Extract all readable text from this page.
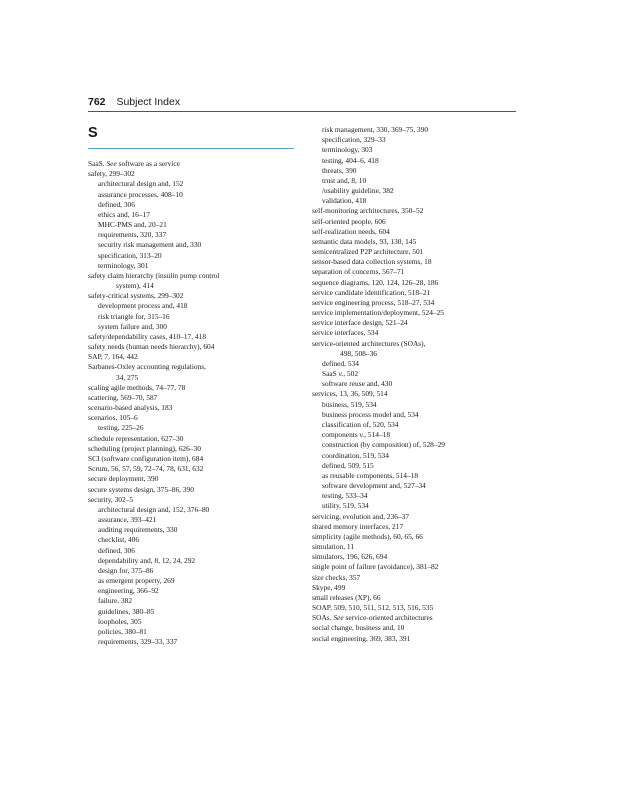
762 Subject Index
S
SaaS. See software as a service
safety, 299–302
architectural design and, 152
assurance processes, 408–10
defined, 306
ethics and, 16–17
MHC-PMS and, 20–21
requirements, 320, 337
security risk management and, 330
specification, 313–20
terminology, 301
safety claim hierarchy (insulin pump control
system), 414
safety-critical systems, 299–302
development process and, 418
risk triangle for, 315–16
system failure and, 300
safety/dependability cases, 410–17, 418
safety needs (human needs hierarchy), 604
SAP, 7, 164, 442
Sarbanes-Oxley accounting regulations,
34, 275
scaling agile methods, 74–77, 78
scattering, 569–70, 587
scenario-based analysis, 183
scenarios, 105–6
testing, 225–26
schedule representation, 627–30
scheduling (project planning), 626–30
SCI (software configuration item), 684
Scrum, 56, 57, 59, 72–74, 78, 631, 632
secure deployment, 390
secure systems design, 375–86, 390
security, 302–5
architectural design and, 152, 376–80
assurance, 393–421
auditing requirements, 330
checklist, 406
defined, 306
dependability and, 8, 12, 24, 292
design for, 375–86
as emergent property, 269
engineering, 366–92
failure, 382
guidelines, 380–85
loopholes, 305
policies, 380–81
requirements, 329–33, 337
risk management, 330, 369–75, 390
specification, 329–33
terminology, 303
testing, 404–6, 418
threats, 390
trust and, 8, 10
/usability guideline, 382
validation, 418
self-monitoring architectures, 350–52
self-oriented people, 606
self-realization needs, 604
semantic data models, 93, 130, 145
semicentralized P2P architecture, 501
sensor-based data collection systems, 18
separation of concerns, 567–71
sequence diagrams, 120, 124, 126–28, 186
service candidate identification, 518–21
service engineering process, 518–27, 534
service implementation/deployment, 524–25
service interface design, 521–24
service interfaces, 534
service-oriented architectures (SOAs),
498, 508–36
defined, 534
SaaS v., 502
software reuse and, 430
services, 13, 36, 509, 514
business, 519, 534
business process model and, 534
classification of, 520, 534
components v., 514–18
construction (by composition) of, 528–29
coordination, 519, 534
defined, 509, 515
as reusable components, 514–18
software development and, 527–34
testing, 533–34
utility, 519, 534
servicing, evolution and, 236–37
shared memory interfaces, 217
simplicity (agile methods), 60, 65, 66
simulation, 11
simulators, 196, 626, 694
single point of failure (avoidance), 381–82
size checks, 357
Skype, 499
small releases (XP), 66
SOAP, 509, 510, 511, 512, 513, 516, 535
SOAs. See service-oriented architectures
social change, business and, 10
social engineering, 369, 383, 391
